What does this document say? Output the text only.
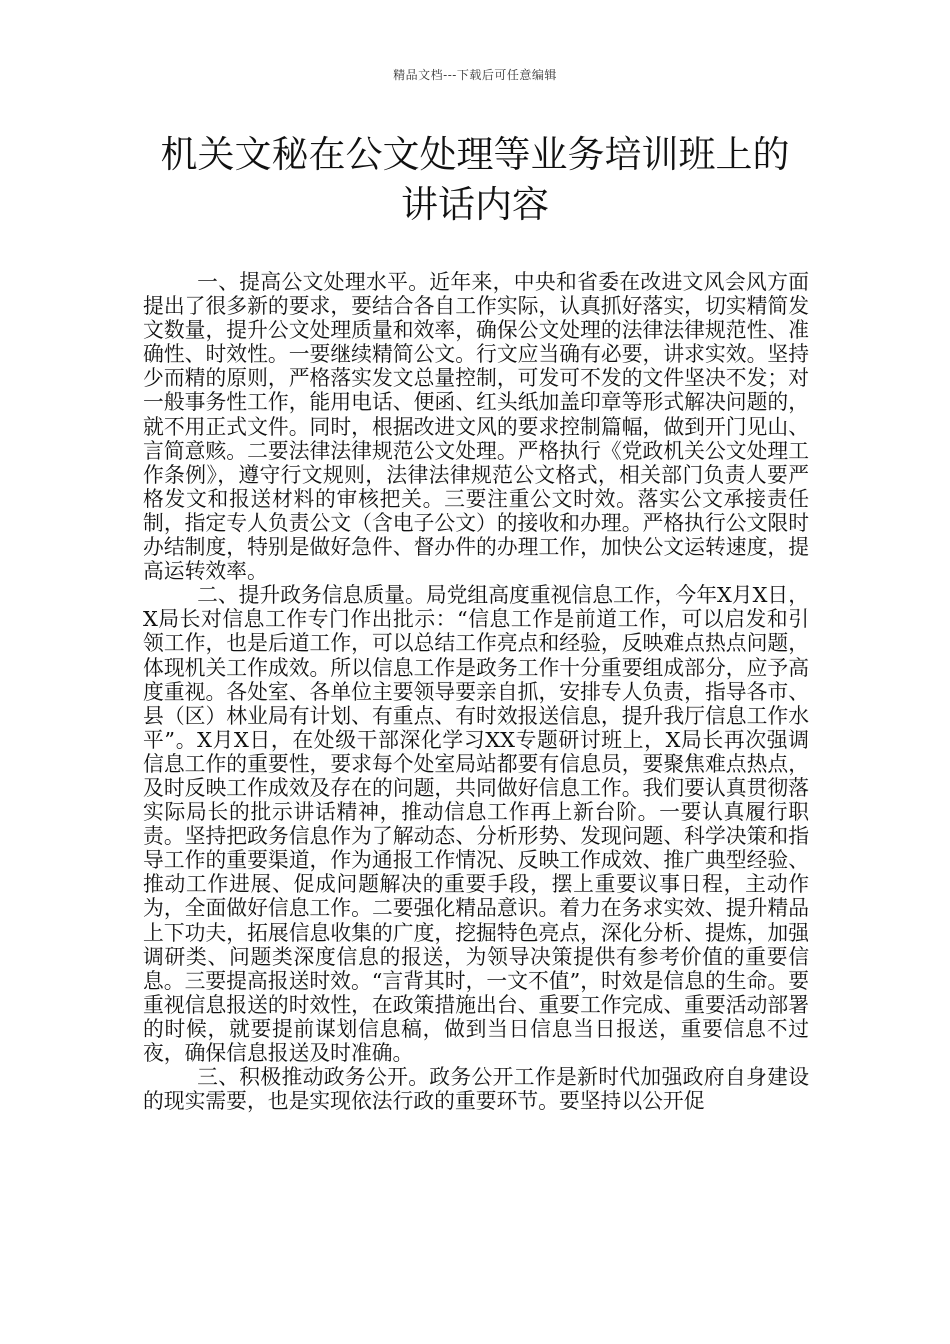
精品文档---下载后可任意编辑
机关文秘在公文处理等业务培训班上的讲话内容

一、提高公文处理水平。近年来，中央和省委在改进文风会风方面提出了很多新的要求，要结合各自工作实际，认真抓好落实，切实精简发文数量，提升公文处理质量和效率，确保公文处理的法律法律规范性、准确性、时效性。一要继续精简公文。行文应当确有必要，讲求实效。坚持少而精的原则，严格落实发文总量控制，可发可不发的文件坚决不发；对一般事务性工作，能用电话、便函、红头纸加盖印章等形式解决问题的，就不用正式文件。同时，根据改进文风的要求控制篇幅，做到开门见山、言简意赅。二要法律法律规范公文处理。严格执行《党政机关公文处理工作条例》，遵守行文规则，法律法律规范公文格式，相关部门负责人要严格发文和报送材料的审核把关。三要注重公文时效。落实公文承接责任制，指定专人负责公文（含电子公文）的接收和办理。严格执行公文限时办结制度，特别是做好急件、督办件的办理工作，加快公文运转速度，提高运转效率。

二、提升政务信息质量。局党组高度重视信息工作，今年X月X日，X局长对信息工作专门作出批示：“信息工作是前道工作，可以启发和引领工作，也是后道工作，可以总结工作亮点和经验，反映难点热点问题，体现机关工作成效。所以信息工作是政务工作十分重要组成部分，应予高度重视。各处室、各单位主要领导要亲自抓，安排专人负责，指导各市、县（区）林业局有计划、有重点、有时效报送信息，提升我厅信息工作水平”。X月X日，在处级干部深化学习XX专题研讨班上，X局长再次强调信息工作的重要性，要求每个处室局站都要有信息员，要聚焦难点热点，及时反映工作成效及存在的问题，共同做好信息工作。我们要认真贯彻落实际局长的批示讲话精神，推动信息工作再上新台阶。一要认真履行职责。坚持把政务信息作为了解动态、分析形势、发现问题、科学决策和指导工作的重要渠道，作为通报工作情况、反映工作成效、推广典型经验、推动工作进展、促成问题解决的重要手段，摆上重要议事日程，主动作为，全面做好信息工作。二要强化精品意识。着力在务求实效、提升精品上下功夫，拓展信息收集的广度，挖掘特色亮点，深化分析、提炼，加强调研类、问题类深度信息的报送，为领导决策提供有参考价值的重要信息。三要提高报送时效。“言背其时，一文不值”，时效是信息的生命。要重视信息报送的时效性，在政策措施出台、重要工作完成、重要活动部署的时候，就要提前谋划信息稿，做到当日信息当日报送，重要信息不过夜，确保信息报送及时准确。

三、积极推动政务公开。政务公开工作是新时代加强政府自身建设的现实需要，也是实现依法行政的重要环节。要坚持以公开促
